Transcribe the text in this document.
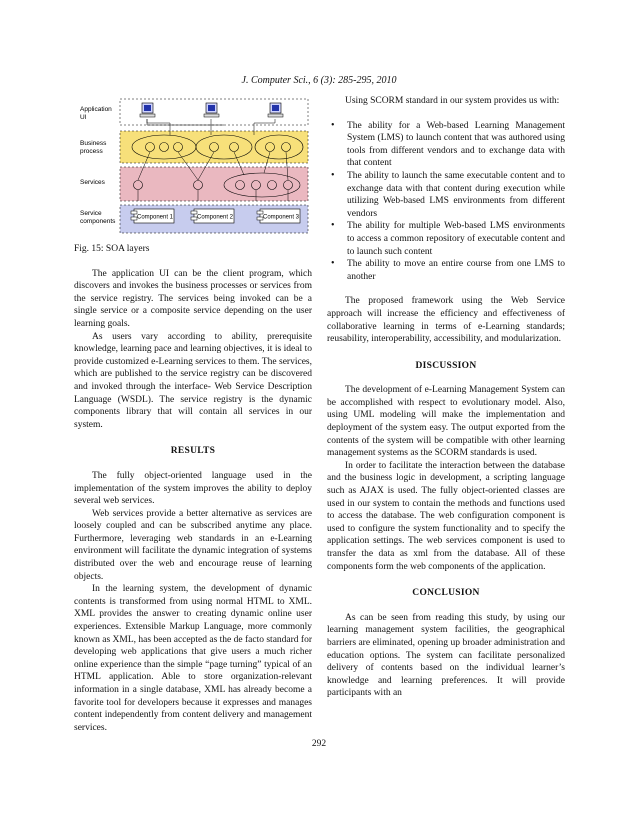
J. Computer Sci., 6 (3): 285-295, 2010
Application
UI
Business
process
Services
Service
components
Component 1	Component 2	Component 3

Fig. 15: SOA layers

The application UI can be the client program, which discovers and invokes the business processes or services from the service registry. The services being invoked can be a single service or a composite service depending on the user learning goals.

As users vary according to ability, prerequisite knowledge, learning pace and learning objectives, it is ideal to provide customized e-Learning services to them. The services, which are published to the service registry can be discovered and invoked through the interface- Web Service Description Language (WSDL). The service registry is the dynamic components library that will contain all services in our system.

RESULTS

The fully object-oriented language used in the implementation of the system improves the ability to deploy several web services.

Web services provide a better alternative as services are loosely coupled and can be subscribed anytime any place. Furthermore, leveraging web standards in an e-Learning environment will facilitate the dynamic integration of systems distributed over the web and encourage reuse of learning objects.

In the learning system, the development of dynamic contents is transformed from using normal HTML to XML. XML provides the answer to creating dynamic online user experiences. Extensible Markup Language, more commonly known as XML, has been accepted as the de facto standard for developing web applications that give users a much richer online experience than the simple “page turning” typical of an HTML application. Able to store organization-relevant information in a single database, XML has already become a favorite tool for developers because it expresses and manages content independently from content delivery and management services.

Using SCORM standard in our system provides us with:

• The ability for a Web-based Learning Management System (LMS) to launch content that was authored using tools from different vendors and to exchange data with that content
• The ability to launch the same executable content and to exchange data with that content during execution while utilizing Web-based LMS environments from different vendors
• The ability for multiple Web-based LMS environments to access a common repository of executable content and to launch such content
• The ability to move an entire course from one LMS to another

The proposed framework using the Web Service approach will increase the efficiency and effectiveness of collaborative learning in terms of e-Learning standards; reusability, interoperability, accessibility, and modularization.

DISCUSSION

The development of e-Learning Management System can be accomplished with respect to evolutionary model. Also, using UML modeling will make the implementation and deployment of the system easy. The output exported from the contents of the system will be compatible with other learning management systems as the SCORM standards is used.

In order to facilitate the interaction between the database and the business logic in development, a scripting language such as AJAX is used. The fully object-oriented classes are used in our system to contain the methods and functions used to access the database. The web configuration component is used to configure the system functionality and to specify the application settings. The web services component is used to transfer the data as xml from the database. All of these components form the web components of the application.

CONCLUSION

As can be seen from reading this study, by using our learning management system facilities, the geographical barriers are eliminated, opening up broader administration and education options. The system can facilitate personalized delivery of contents based on the individual learner’s knowledge and learning preferences. It will provide participants with an

292
